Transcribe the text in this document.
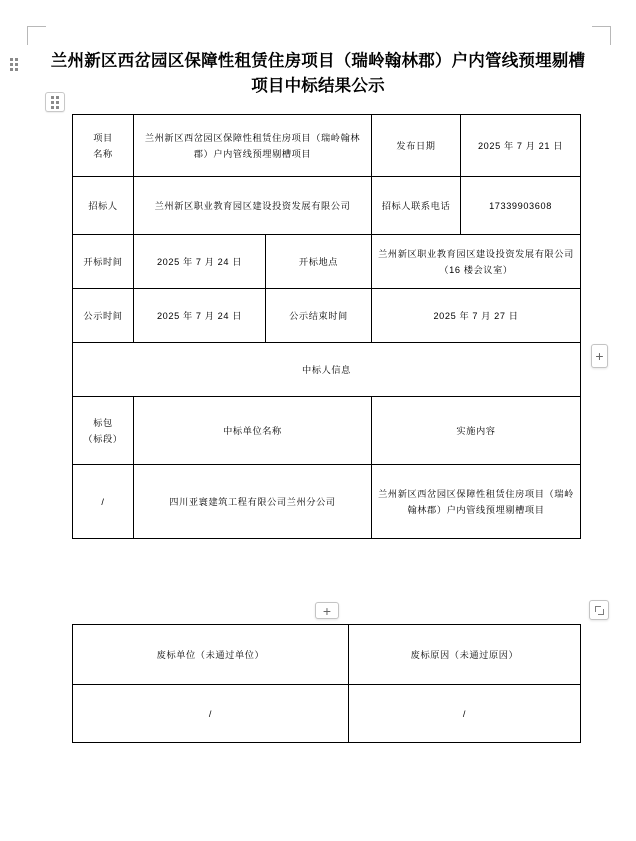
兰州新区西岔园区保障性租赁住房项目（瑞岭翰林郡）户内管线预埋剔槽项目中标结果公示
项目
名称	兰州新区西岔园区保障性租赁住房项目（瑞岭翰林郡）户内管线预埋剔槽项目		发布日期	2025 年 7 月 21 日
招标人	兰州新区职业教育园区建设投资发展有限公司		招标人联系电话	17339903608
开标时间	2025 年 7 月 24 日	开标地点	兰州新区职业教育园区建设投资发展有限公司（16 楼会议室）	
公示时间	2025 年 7 月 24 日	公示结束时间	2025 年 7 月 27 日	
中标人信息				

标包
（标段）	中标单位名称		实施内容	
/	四川亚寰建筑工程有限公司兰州分公司		兰州新区西岔园区保障性租赁住房项目（瑞岭翰林郡）户内管线预埋剔槽项目	
废标单位（未通过单位）	废标原因（未通过原因）
/	/
+
+
